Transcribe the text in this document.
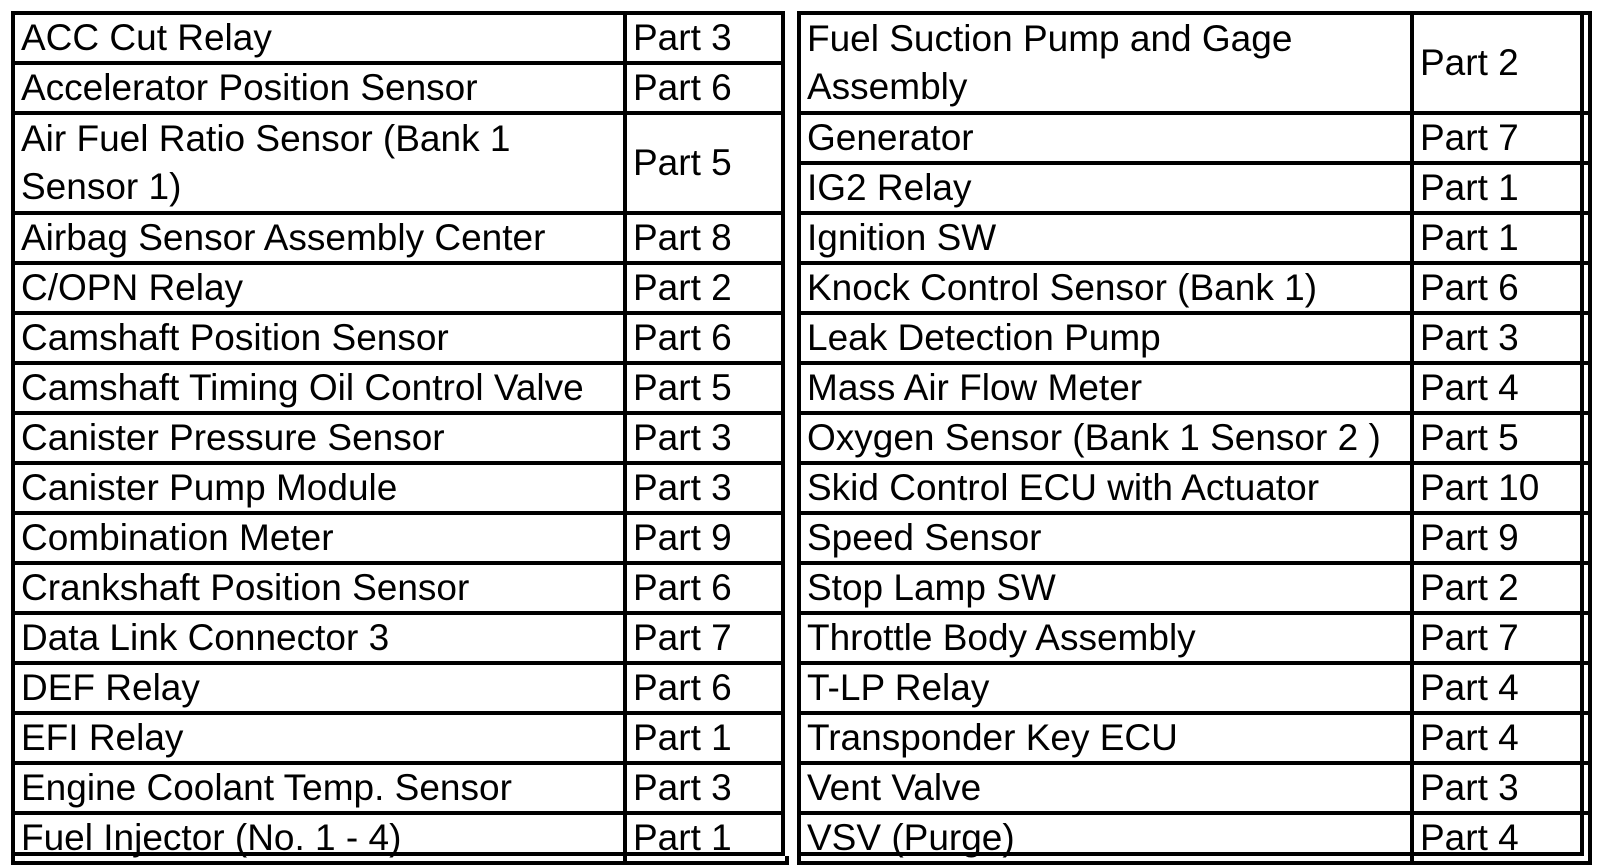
ACC Cut Relay	Part 3
Accelerator Position Sensor	Part 6
Air Fuel Ratio Sensor (Bank 1 Sensor 1)	Part 5
Airbag Sensor Assembly Center	Part 8
C/OPN Relay	Part 2
Camshaft Position Sensor	Part 6
Camshaft Timing Oil Control Valve	Part 5
Canister Pressure Sensor	Part 3
Canister Pump Module	Part 3
Combination Meter	Part 9
Crankshaft Position Sensor	Part 6
Data Link Connector 3	Part 7
DEF Relay	Part 6
EFI Relay	Part 1
Engine Coolant Temp. Sensor	Part 3
Fuel Injector (No. 1 - 4)	Part 1
Fuel Suction Pump and Gage Assembly	Part 2
Generator	Part 7
IG2 Relay	Part 1
Ignition SW	Part 1
Knock Control Sensor (Bank 1)	Part 6
Leak Detection Pump	Part 3
Mass Air Flow Meter	Part 4
Oxygen Sensor (Bank 1 Sensor 2 )	Part 5
Skid Control ECU with Actuator	Part 10
Speed Sensor	Part 9
Stop Lamp SW	Part 2
Throttle Body Assembly	Part 7
T-LP Relay	Part 4
Transponder Key ECU	Part 4
Vent Valve	Part 3
VSV (Purge)	Part 4
